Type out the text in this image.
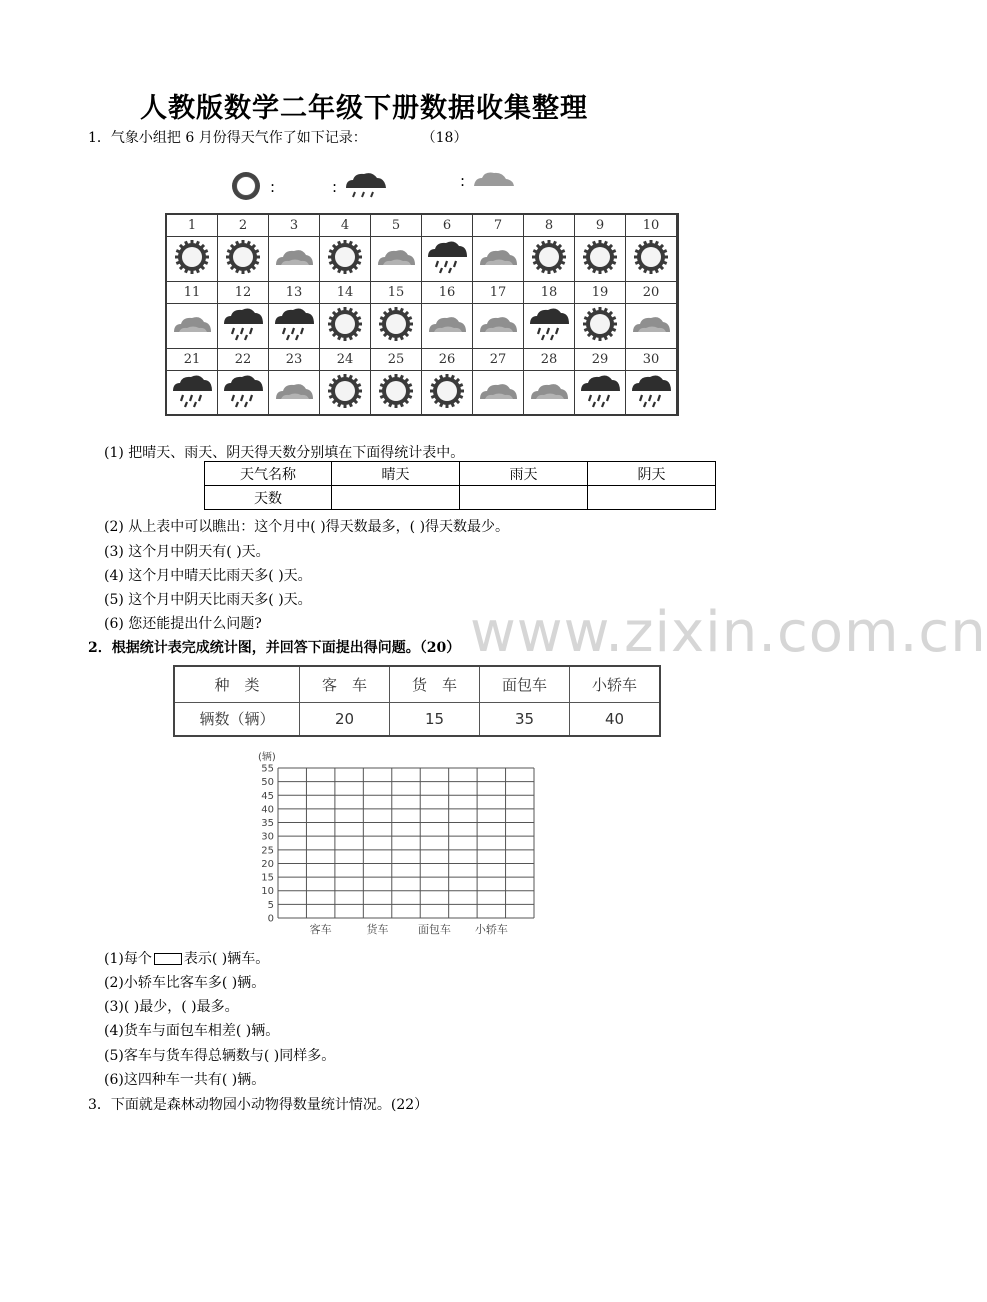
人教版数学二年级下册数据收集整理
www.zixin.com.cn
1．气象小组把 6 月份得天气作了如下记录：	（18）
:	:	:
1	2	3	4	5	6	7	8	9	10
11	12	13	14	15	16	17	18	19	20
21	22	23	24	25	26	27	28	29	30
(1) 把晴天、雨天、阴天得天数分别填在下面得统计表中。
天气名称	晴天	雨天	阴天
天数			
(2) 从上表中可以瞧出：这个月中( )得天数最多，( )得天数最少。
(3) 这个月中阴天有( )天。
(4) 这个月中晴天比雨天多( )天。
(5) 这个月中阴天比雨天多( )天。
(6) 您还能提出什么问题?
2．根据统计表完成统计图，并回答下面提出得问题。（20）
种　类	客　车	货　车	面包车	小轿车
辆数（辆）	20	15	35	40
(辆)
0
5
10
15
20
25
30
35
40
45
50
55
客车	货车	面包车 小轿车
(1)每个 表示( )辆车。
(2)小轿车比客车多( )辆。
(3)( )最少，( )最多。
(4)货车与面包车相差( )辆。
(5)客车与货车得总辆数与( )同样多。
(6)这四种车一共有( )辆。
3．下面就是森林动物园小动物得数量统计情况。(22）
